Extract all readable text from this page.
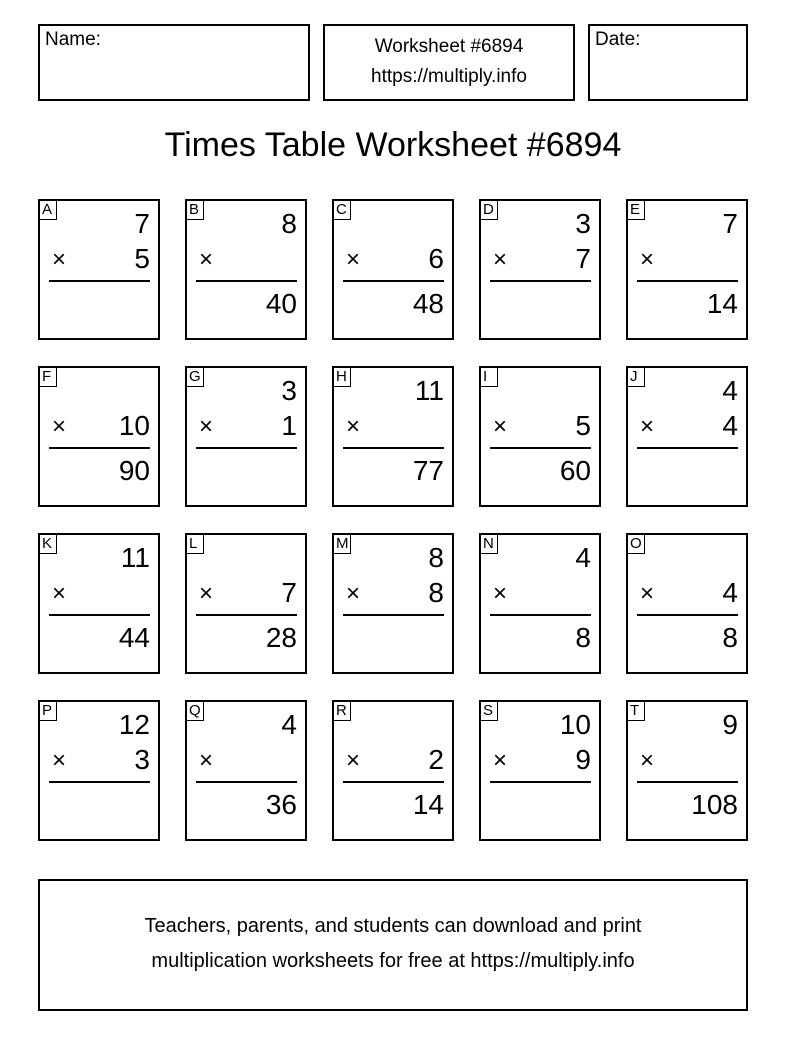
Name:	Worksheet #6894
https://multiply.info
Date:
Times Table Worksheet #6894
A	7
× 5
B	8
×
40
C
× 6
48
D	3
× 7
E	7
×
14
F
× 10
90
G	3
× 1
H 11
×
77
I
× 5
60
J	4
× 4
K 11
×
44
L
× 7
28
M	8
× 8
N	4
×
8
O
× 4
8
P 12
× 3
Q	4
×
36
R
× 2
14
S 10
× 9
T	9
×
108
Teachers, parents, and students can download and print
multiplication worksheets for free at https://multiply.info
